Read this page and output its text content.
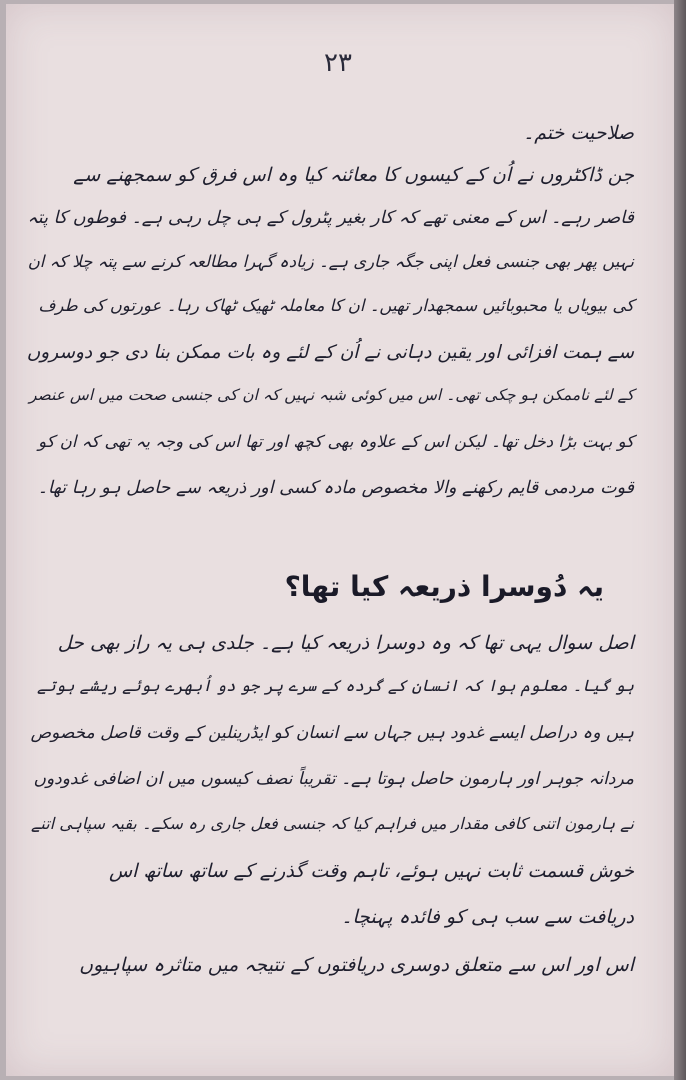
۲۳
صلاحیت ختم۔
جن ڈاکٹروں نے اُن کے کیسوں کا معائنہ کیا وہ اس فرق کو سمجھنے سے
قاصر رہے۔ اس کے معنی تھے کہ کار بغیر پٹرول کے ہی چل رہی ہے۔ فوطوں کا پتہ
نہیں پھر بھی جنسی فعل اپنی جگہ جاری ہے۔ زیادہ گہرا مطالعہ کرنے سے پتہ چلا کہ ان
کی بیویاں یا محبوبائیں سمجھدار تھیں۔ ان کا معاملہ ٹھیک ٹھاک رہا۔ عورتوں کی طرف
سے ہمت افزائی اور یقین دہانی نے اُن کے لئے وہ بات ممکن بنا دی جو دوسروں
کے لئے ناممکن ہو چکی تھی۔ اس میں کوئی شبہ نہیں کہ ان کی جنسی صحت میں اس عنصر
کو بہت بڑا دخل تھا۔ لیکن اس کے علاوہ بھی کچھ اور تھا اس کی وجہ یہ تھی کہ ان کو
قوت مردمی قایم رکھنے والا مخصوص مادہ کسی اور ذریعہ سے حاصل ہو رہا تھا۔
یہ دُوسرا ذریعہ کیا تھا؟
اصل سوال یہی تھا کہ وہ دوسرا ذریعہ کیا ہے۔ جلدی ہی یہ راز بھی حل
ہو گیا۔ معلوم ہوا کہ انسان کے گردہ کے سرے پر جو دو اُبھرے ہوئے ریشے ہوتے
ہیں وہ دراصل ایسے غدود ہیں جہاں سے انسان کو ایڈرینلین کے وقت قاصل مخصوص
مردانہ جوہر اور ہارمون حاصل ہوتا ہے۔ تقریباً نصف کیسوں میں ان اضافی غدودوں
نے ہارمون اتنی کافی مقدار میں فراہم کیا کہ جنسی فعل جاری رہ سکے۔ بقیہ سپاہی اتنے
خوش قسمت ثابت نہیں ہوئے، تاہم وقت گذرنے کے ساتھ ساتھ اس
دریافت سے سب ہی کو فائدہ پہنچا۔
اس اور اس سے متعلق دوسری دریافتوں کے نتیجہ میں متاثرہ سپاہیوں
